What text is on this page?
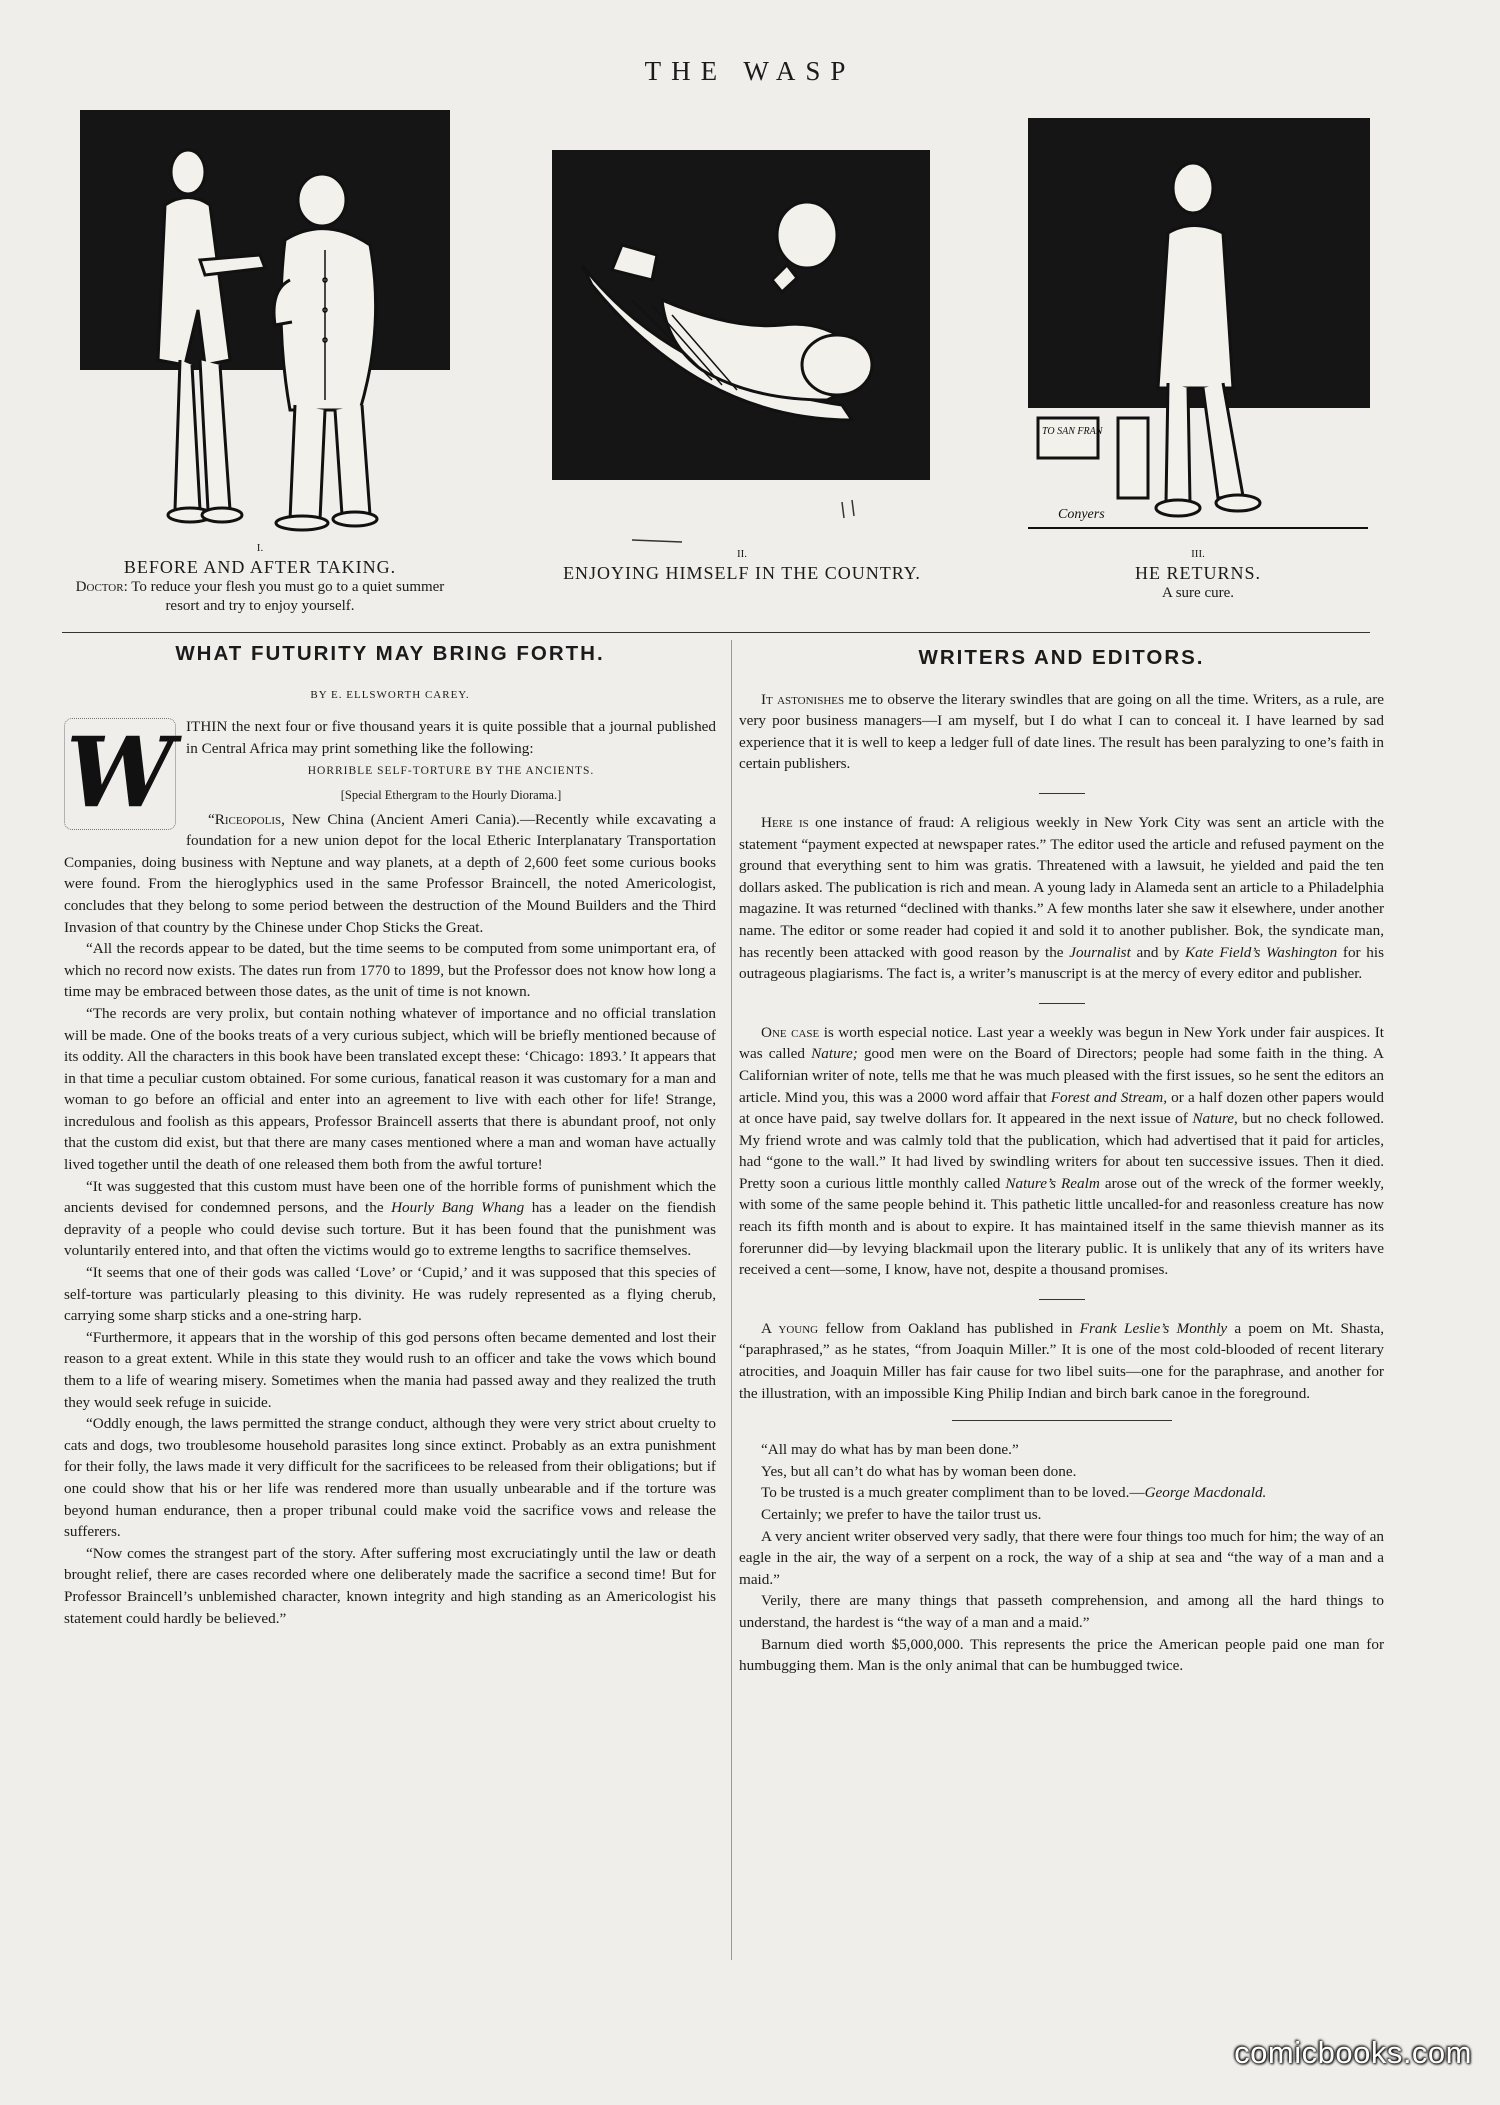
THE WASP
I.
BEFORE AND AFTER TAKING.
Doctor: To reduce your flesh you must go to a quiet summer resort and try to enjoy yourself.
II.
ENJOYING HIMSELF IN THE COUNTRY.
TO SAN FRAN
Conyers
III.
HE RETURNS.
A sure cure.
WHAT FUTURITY MAY BRING FORTH.
BY E. ELLSWORTH CAREY.
W ITHIN the next four or five thousand years it is quite possible that a journal published in Central Africa may print something like the following:

HORRIBLE SELF-TORTURE BY THE ANCIENTS.
[Special Ethergram to the Hourly Diorama.]

“Riceopolis, New China (Ancient Ameri Cania).—Recently while excavating a foundation for a new union depot for the local Etheric Interplanatary Transportation Companies, doing business with Neptune and way planets, at a depth of 2,600 feet some curious books were found. From the hieroglyphics used in the same Professor Braincell, the noted Americologist, concludes that they belong to some period between the destruction of the Mound Builders and the Third Invasion of that country by the Chinese under Chop Sticks the Great.

“All the records appear to be dated, but the time seems to be computed from some unimportant era, of which no record now exists. The dates run from 1770 to 1899, but the Professor does not know how long a time may be embraced between those dates, as the unit of time is not known.

“The records are very prolix, but contain nothing whatever of importance and no official translation will be made. One of the books treats of a very curious subject, which will be briefly mentioned because of its oddity. All the characters in this book have been translated except these: ‘Chicago: 1893.’ It appears that in that time a peculiar custom obtained. For some curious, fanatical reason it was customary for a man and woman to go before an official and enter into an agreement to live with each other for life! Strange, incredulous and foolish as this appears, Professor Braincell asserts that there is abundant proof, not only that the custom did exist, but that there are many cases mentioned where a man and woman have actually lived together until the death of one released them both from the awful torture!

“It was suggested that this custom must have been one of the horrible forms of punishment which the ancients devised for condemned persons, and the Hourly Bang Whang has a leader on the fiendish depravity of a people who could devise such torture. But it has been found that the punishment was voluntarily entered into, and that often the victims would go to extreme lengths to sacrifice themselves.

“It seems that one of their gods was called ‘Love’ or ‘Cupid,’ and it was supposed that this species of self-torture was particularly pleasing to this divinity. He was rudely represented as a flying cherub, carrying some sharp sticks and a one-string harp.

“Furthermore, it appears that in the worship of this god persons often became demented and lost their reason to a great extent. While in this state they would rush to an officer and take the vows which bound them to a life of wearing misery. Sometimes when the mania had passed away and they realized the truth they would seek refuge in suicide.

“Oddly enough, the laws permitted the strange conduct, although they were very strict about cruelty to cats and dogs, two troublesome household parasites long since extinct. Probably as an extra punishment for their folly, the laws made it very difficult for the sacrificees to be released from their obligations; but if one could show that his or her life was rendered more than usually unbearable and if the torture was beyond human endurance, then a proper tribunal could make void the sacrifice vows and release the sufferers.

“Now comes the strangest part of the story. After suffering most excruciatingly until the law or death brought relief, there are cases recorded where one deliberately made the sacrifice a second time! But for Professor Braincell’s unblemished character, known integrity and high standing as an Americologist his statement could hardly be believed.”

WRITERS AND EDITORS.

It astonishes me to observe the literary swindles that are going on all the time. Writers, as a rule, are very poor business managers—I am myself, but I do what I can to conceal it. I have learned by sad experience that it is well to keep a ledger full of date lines. The result has been paralyzing to one’s faith in certain publishers.

Here is one instance of fraud: A religious weekly in New York City was sent an article with the statement “payment expected at newspaper rates.” The editor used the article and refused payment on the ground that everything sent to him was gratis. Threatened with a lawsuit, he yielded and paid the ten dollars asked. The publication is rich and mean. A young lady in Alameda sent an article to a Philadelphia magazine. It was returned “declined with thanks.” A few months later she saw it elsewhere, under another name. The editor or some reader had copied it and sold it to another publisher. Bok, the syndicate man, has recently been attacked with good reason by the Journalist and by Kate Field’s Washington for his outrageous plagiarisms. The fact is, a writer’s manuscript is at the mercy of every editor and publisher.

One case is worth especial notice. Last year a weekly was begun in New York under fair auspices. It was called Nature; good men were on the Board of Directors; people had some faith in the thing. A Californian writer of note, tells me that he was much pleased with the first issues, so he sent the editors an article. Mind you, this was a 2000 word affair that Forest and Stream, or a half dozen other papers would at once have paid, say twelve dollars for. It appeared in the next issue of Nature, but no check followed. My friend wrote and was calmly told that the publication, which had advertised that it paid for articles, had “gone to the wall.” It had lived by swindling writers for about ten successive issues. Then it died. Pretty soon a curious little monthly called Nature’s Realm arose out of the wreck of the former weekly, with some of the same people behind it. This pathetic little uncalled-for and reasonless creature has now reach its fifth month and is about to expire. It has maintained itself in the same thievish manner as its forerunner did—by levying blackmail upon the literary public. It is unlikely that any of its writers have received a cent—some, I know, have not, despite a thousand promises.

A young fellow from Oakland has published in Frank Leslie’s Monthly a poem on Mt. Shasta, “paraphrased,” as he states, “from Joaquin Miller.” It is one of the most cold-blooded of recent literary atrocities, and Joaquin Miller has fair cause for two libel suits—one for the paraphrase, and another for the illustration, with an impossible King Philip Indian and birch bark canoe in the foreground.

“All may do what has by man been done.”

Yes, but all can’t do what has by woman been done.

To be trusted is a much greater compliment than to be loved.—George Macdonald.

Certainly; we prefer to have the tailor trust us.

A very ancient writer observed very sadly, that there were four things too much for him; the way of an eagle in the air, the way of a serpent on a rock, the way of a ship at sea and “the way of a man and a maid.”

Verily, there are many things that passeth comprehension, and among all the hard things to understand, the hardest is “the way of a man and a maid.”

Barnum died worth $5,000,000. This represents the price the American people paid one man for humbugging them. Man is the only animal that can be humbugged twice.

comicbooks.com
